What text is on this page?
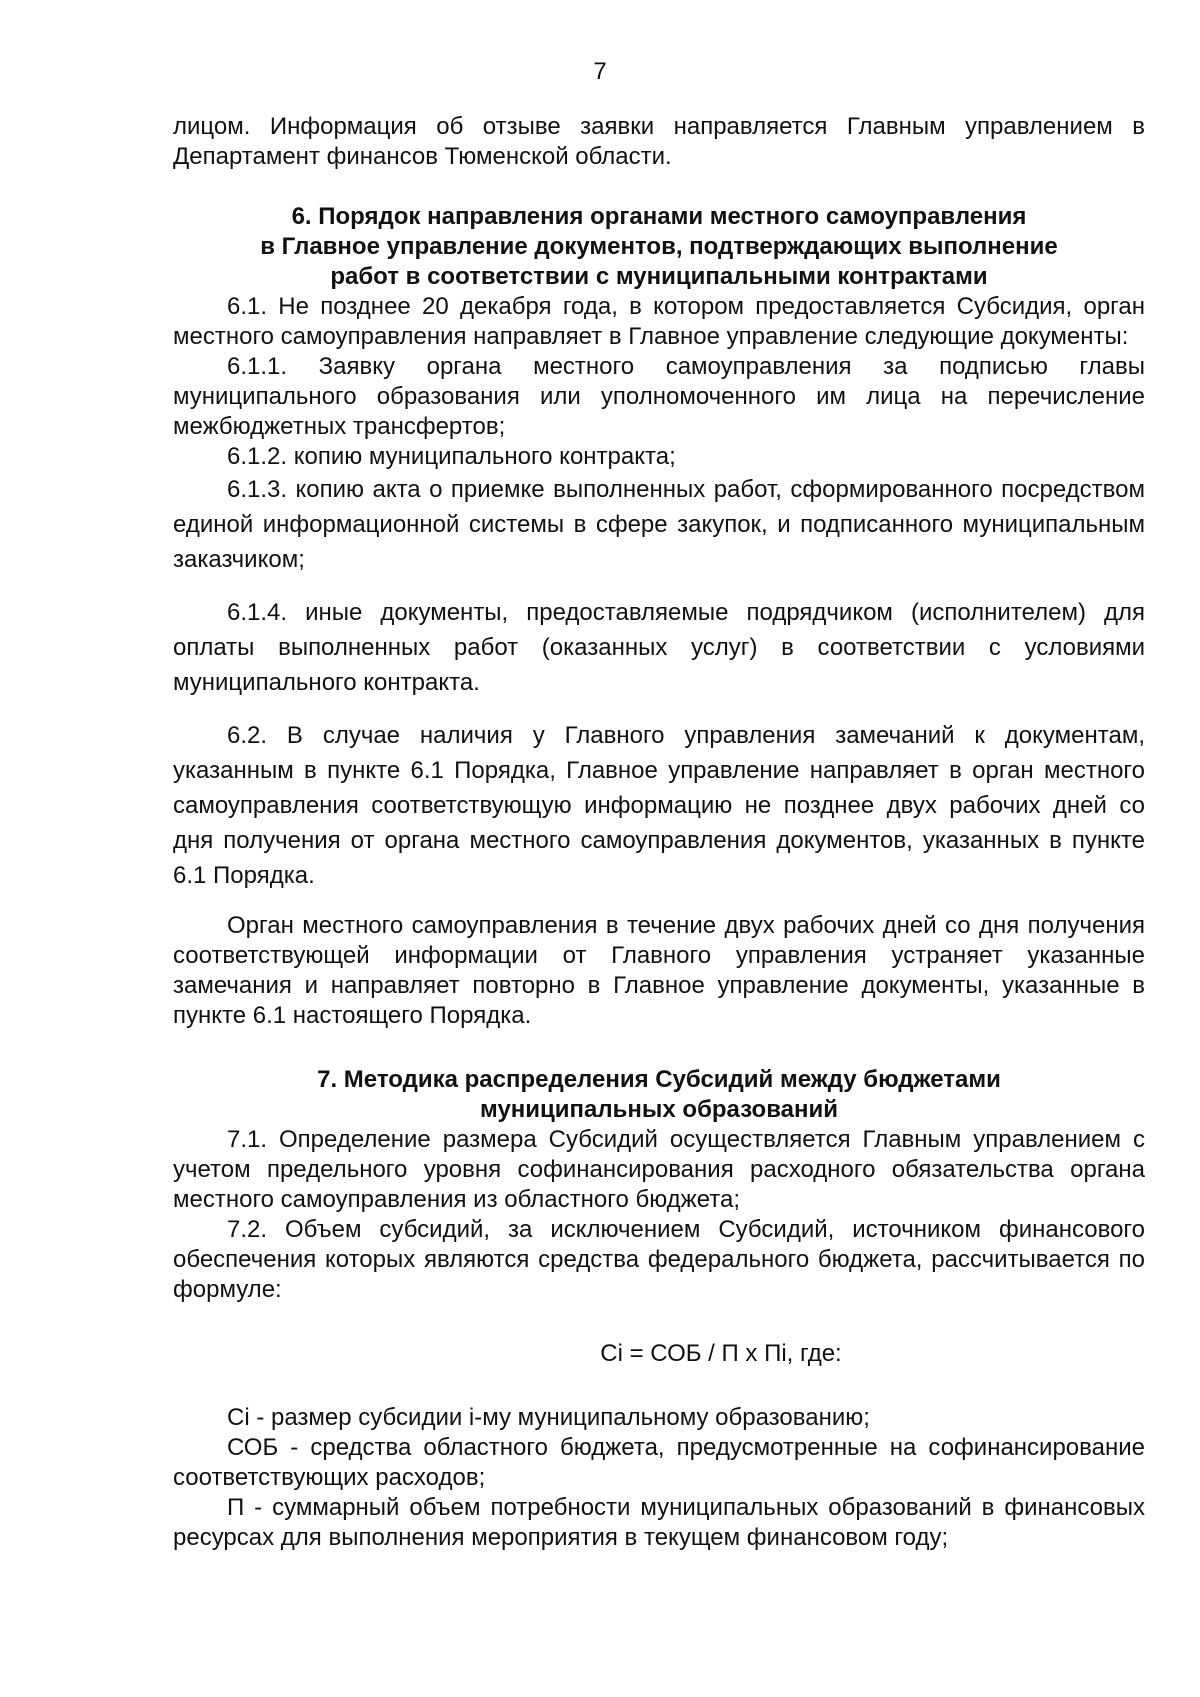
7

лицом. Информация об отзыве заявки направляется Главным управлением в Департамент финансов Тюменской области.

6. Порядок направления органами местного самоуправления

в Главное управление документов, подтверждающих выполнение

работ в соответствии с муниципальными контрактами

6.1. Не позднее 20 декабря года, в котором предоставляется Субсидия, орган местного самоуправления направляет в Главное управление следующие документы:

6.1.1. Заявку органа местного самоуправления за подписью главы муниципального образования или уполномоченного им лица на перечисление межбюджетных трансфертов;

6.1.2. копию муниципального контракта;

6.1.3. копию акта о приемке выполненных работ, сформированного посредством единой информационной системы в сфере закупок, и подписанного муниципальным заказчиком;

6.1.4. иные документы, предоставляемые подрядчиком (исполнителем) для оплаты выполненных работ (оказанных услуг) в соответствии с условиями муниципального контракта.

6.2. В случае наличия у Главного управления замечаний к документам, указанным в пункте 6.1 Порядка, Главное управление направляет в орган местного самоуправления соответствующую информацию не позднее двух рабочих дней со дня получения от органа местного самоуправления документов, указанных в пункте 6.1 Порядка.

Орган местного самоуправления в течение двух рабочих дней со дня получения соответствующей информации от Главного управления устраняет указанные замечания и направляет повторно в Главное управление документы, указанные в пункте 6.1 настоящего Порядка.

7. Методика распределения Субсидий между бюджетами

муниципальных образований

7.1. Определение размера Субсидий осуществляется Главным управлением с учетом предельного уровня софинансирования расходного обязательства органа местного самоуправления из областного бюджета;

7.2. Объем субсидий, за исключением Субсидий, источником финансового обеспечения которых являются средства федерального бюджета, рассчитывается по формуле:

Ci = СОБ / П x Пi, где:

Ci - размер субсидии i-му муниципальному образованию;

СОБ - средства областного бюджета, предусмотренные на софинансирование соответствующих расходов;

П - суммарный объем потребности муниципальных образований в финансовых ресурсах для выполнения мероприятия в текущем финансовом году;
